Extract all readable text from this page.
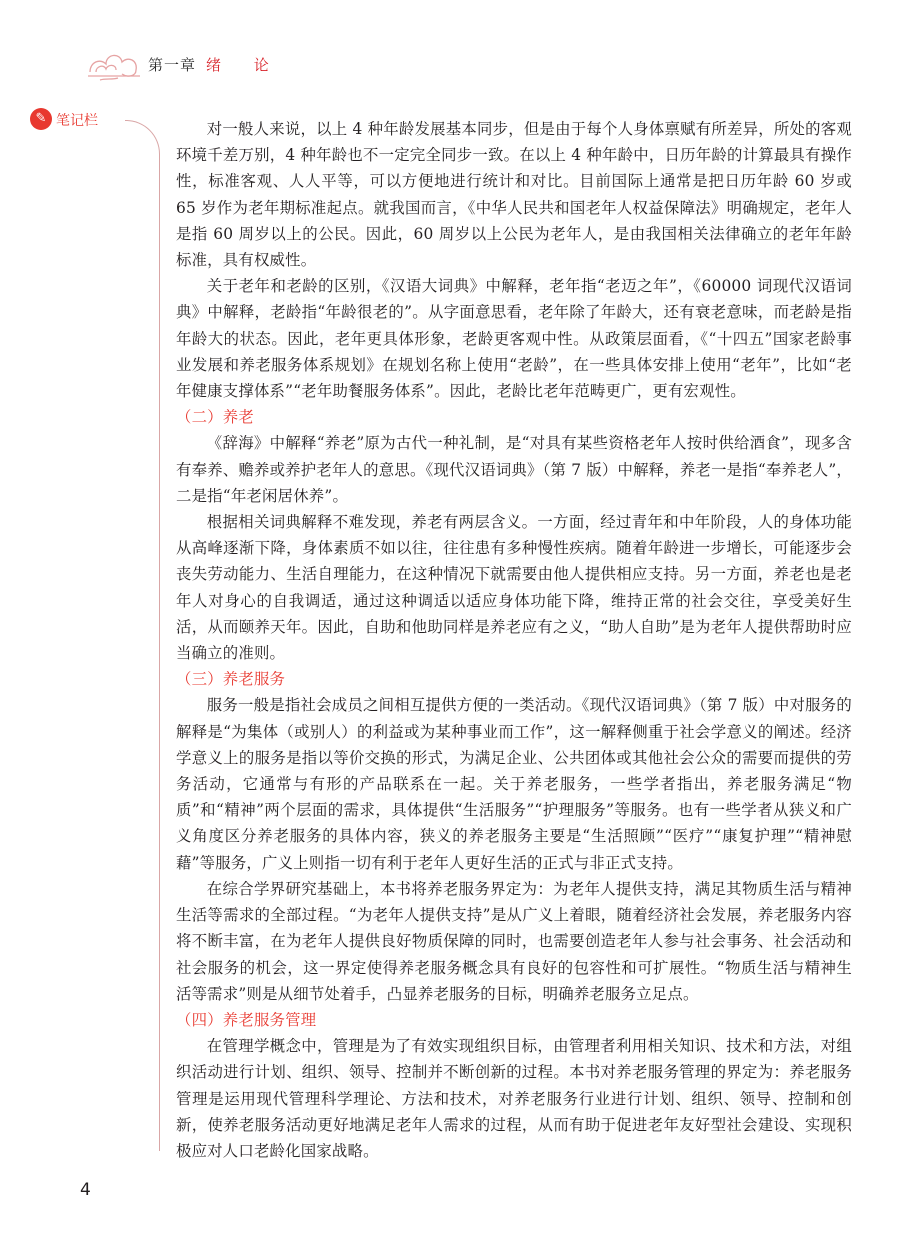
第一章 绪 论
✎ 笔记栏	对一般人来说，以上 4 种年龄发展基本同步，但是由于每个人身体禀赋有所差异，所处的客观环境千差万别，4 种年龄也不一定完全同步一致。在以上 4 种年龄中，日历年龄的计算最具有操作性，标准客观、人人平等，可以方便地进行统计和对比。目前国际上通常是把日历年龄 60 岁或 65 岁作为老年期标准起点。就我国而言，《中华人民共和国老年人权益保障法》明确规定，老年人是指 60 周岁以上的公民。因此，60 周岁以上公民为老年人，是由我国相关法律确立的老年年龄标准，具有权威性。

关于老年和老龄的区别，《汉语大词典》中解释，老年指“老迈之年”，《60000 词现代汉语词典》中解释，老龄指“年龄很老的”。从字面意思看，老年除了年龄大，还有衰老意味，而老龄是指年龄大的状态。因此，老年更具体形象，老龄更客观中性。从政策层面看，《“十四五”国家老龄事业发展和养老服务体系规划》在规划名称上使用“老龄”，在一些具体安排上使用“老年”，比如“老年健康支撑体系”“老年助餐服务体系”。因此，老龄比老年范畴更广，更有宏观性。

（二）养老

《辞海》中解释“养老”原为古代一种礼制，是“对具有某些资格老年人按时供给酒食”，现多含有奉养、赡养或养护老年人的意思。《现代汉语词典》（第 7 版）中解释，养老一是指“奉养老人”，二是指“年老闲居休养”。

根据相关词典解释不难发现，养老有两层含义。一方面，经过青年和中年阶段，人的身体功能从高峰逐渐下降，身体素质不如以往，往往患有多种慢性疾病。随着年龄进一步增长，可能逐步会丧失劳动能力、生活自理能力，在这种情况下就需要由他人提供相应支持。另一方面，养老也是老年人对身心的自我调适，通过这种调适以适应身体功能下降，维持正常的社会交往，享受美好生活，从而颐养天年。因此，自助和他助同样是养老应有之义，“助人自助”是为老年人提供帮助时应当确立的准则。

（三）养老服务

服务一般是指社会成员之间相互提供方便的一类活动。《现代汉语词典》（第 7 版）中对服务的解释是“为集体（或别人）的利益或为某种事业而工作”，这一解释侧重于社会学意义的阐述。经济学意义上的服务是指以等价交换的形式，为满足企业、公共团体或其他社会公众的需要而提供的劳务活动，它通常与有形的产品联系在一起。关于养老服务，一些学者指出，养老服务满足“物质”和“精神”两个层面的需求，具体提供“生活服务”“护理服务”等服务。也有一些学者从狭义和广义角度区分养老服务的具体内容，狭义的养老服务主要是“生活照顾”“医疗”“康复护理”“精神慰藉”等服务，广义上则指一切有利于老年人更好生活的正式与非正式支持。

在综合学界研究基础上，本书将养老服务界定为：为老年人提供支持，满足其物质生活与精神生活等需求的全部过程。“为老年人提供支持”是从广义上着眼，随着经济社会发展，养老服务内容将不断丰富，在为老年人提供良好物质保障的同时，也需要创造老年人参与社会事务、社会活动和社会服务的机会，这一界定使得养老服务概念具有良好的包容性和可扩展性。“物质生活与精神生活等需求”则是从细节处着手，凸显养老服务的目标，明确养老服务立足点。

（四）养老服务管理

在管理学概念中，管理是为了有效实现组织目标，由管理者利用相关知识、技术和方法，对组织活动进行计划、组织、领导、控制并不断创新的过程。本书对养老服务管理的界定为：养老服务管理是运用现代管理科学理论、方法和技术，对养老服务行业进行计划、组织、领导、控制和创新，使养老服务活动更好地满足老年人需求的过程，从而有助于促进老年友好型社会建设、实现积极应对人口老龄化国家战略。

4
